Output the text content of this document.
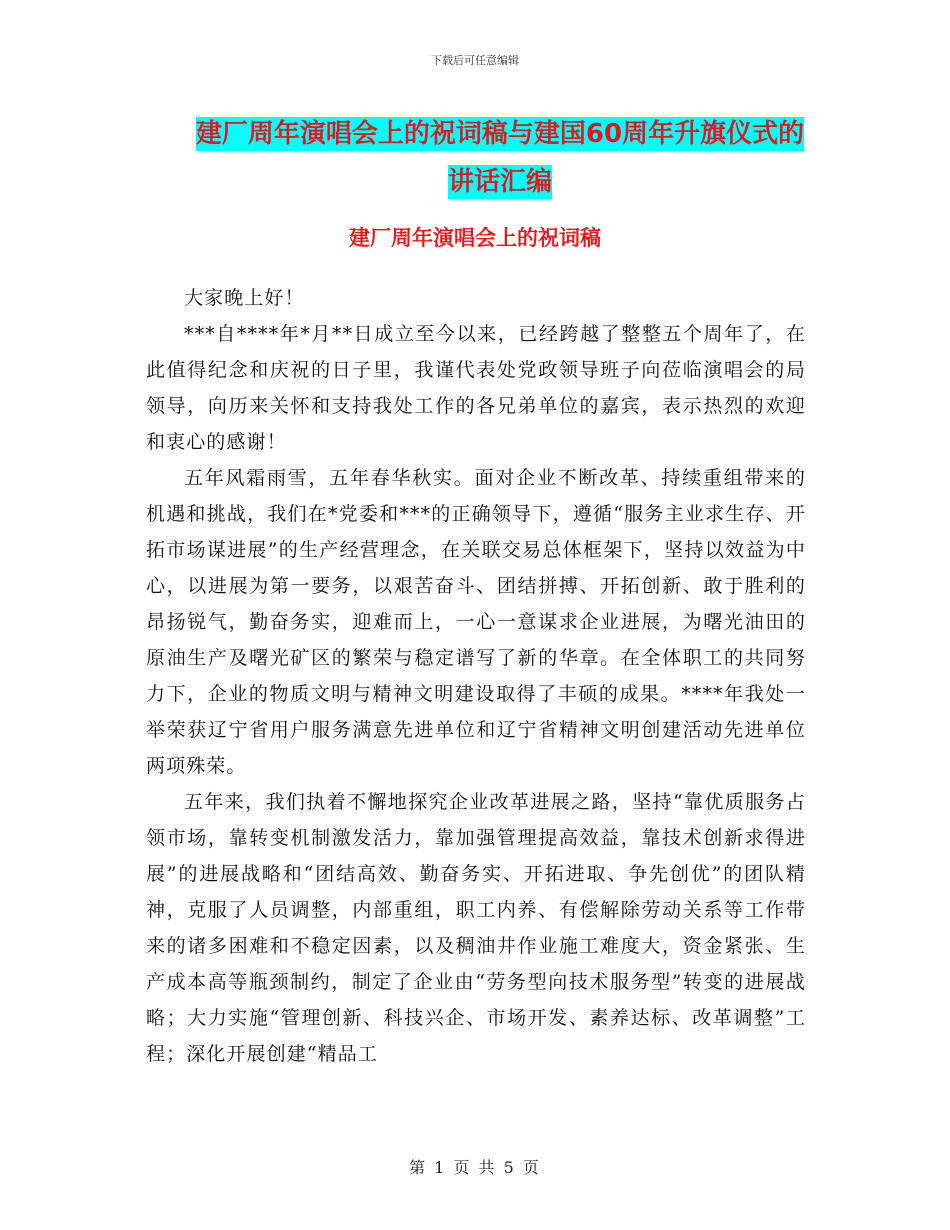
下载后可任意编辑
建厂周年演唱会上的祝词稿与建国60周年升旗仪式的
讲话汇编
建厂周年演唱会上的祝词稿

大家晚上好！

***自****年*月**日成立至今以来，已经跨越了整整五个周年了，在此值得纪念和庆祝的日子里，我谨代表处党政领导班子向莅临演唱会的局领导，向历来关怀和支持我处工作的各兄弟单位的嘉宾，表示热烈的欢迎和衷心的感谢！

五年风霜雨雪，五年春华秋实。面对企业不断改革、持续重组带来的机遇和挑战，我们在*党委和***的正确领导下，遵循“服务主业求生存、开拓市场谋进展”的生产经营理念，在关联交易总体框架下，坚持以效益为中心，以进展为第一要务，以艰苦奋斗、团结拼搏、开拓创新、敢于胜利的昂扬锐气，勤奋务实，迎难而上，一心一意谋求企业进展，为曙光油田的原油生产及曙光矿区的繁荣与稳定谱写了新的华章。在全体职工的共同努力下，企业的物质文明与精神文明建设取得了丰硕的成果。****年我处一举荣获辽宁省用户服务满意先进单位和辽宁省精神文明创建活动先进单位两项殊荣。

五年来，我们执着不懈地探究企业改革进展之路，坚持“靠优质服务占领市场，靠转变机制激发活力，靠加强管理提高效益，靠技术创新求得进展”的进展战略和“团结高效、勤奋务实、开拓进取、争先创优”的团队精神，克服了人员调整，内部重组，职工内养、有偿解除劳动关系等工作带来的诸多困难和不稳定因素，以及稠油井作业施工难度大，资金紧张、生产成本高等瓶颈制约，制定了企业由“劳务型向技术服务型”转变的进展战略；大力实施“管理创新、科技兴企、市场开发、素养达标、改革调整”工程；深化开展创建“精品工

第 1 页 共 5 页
